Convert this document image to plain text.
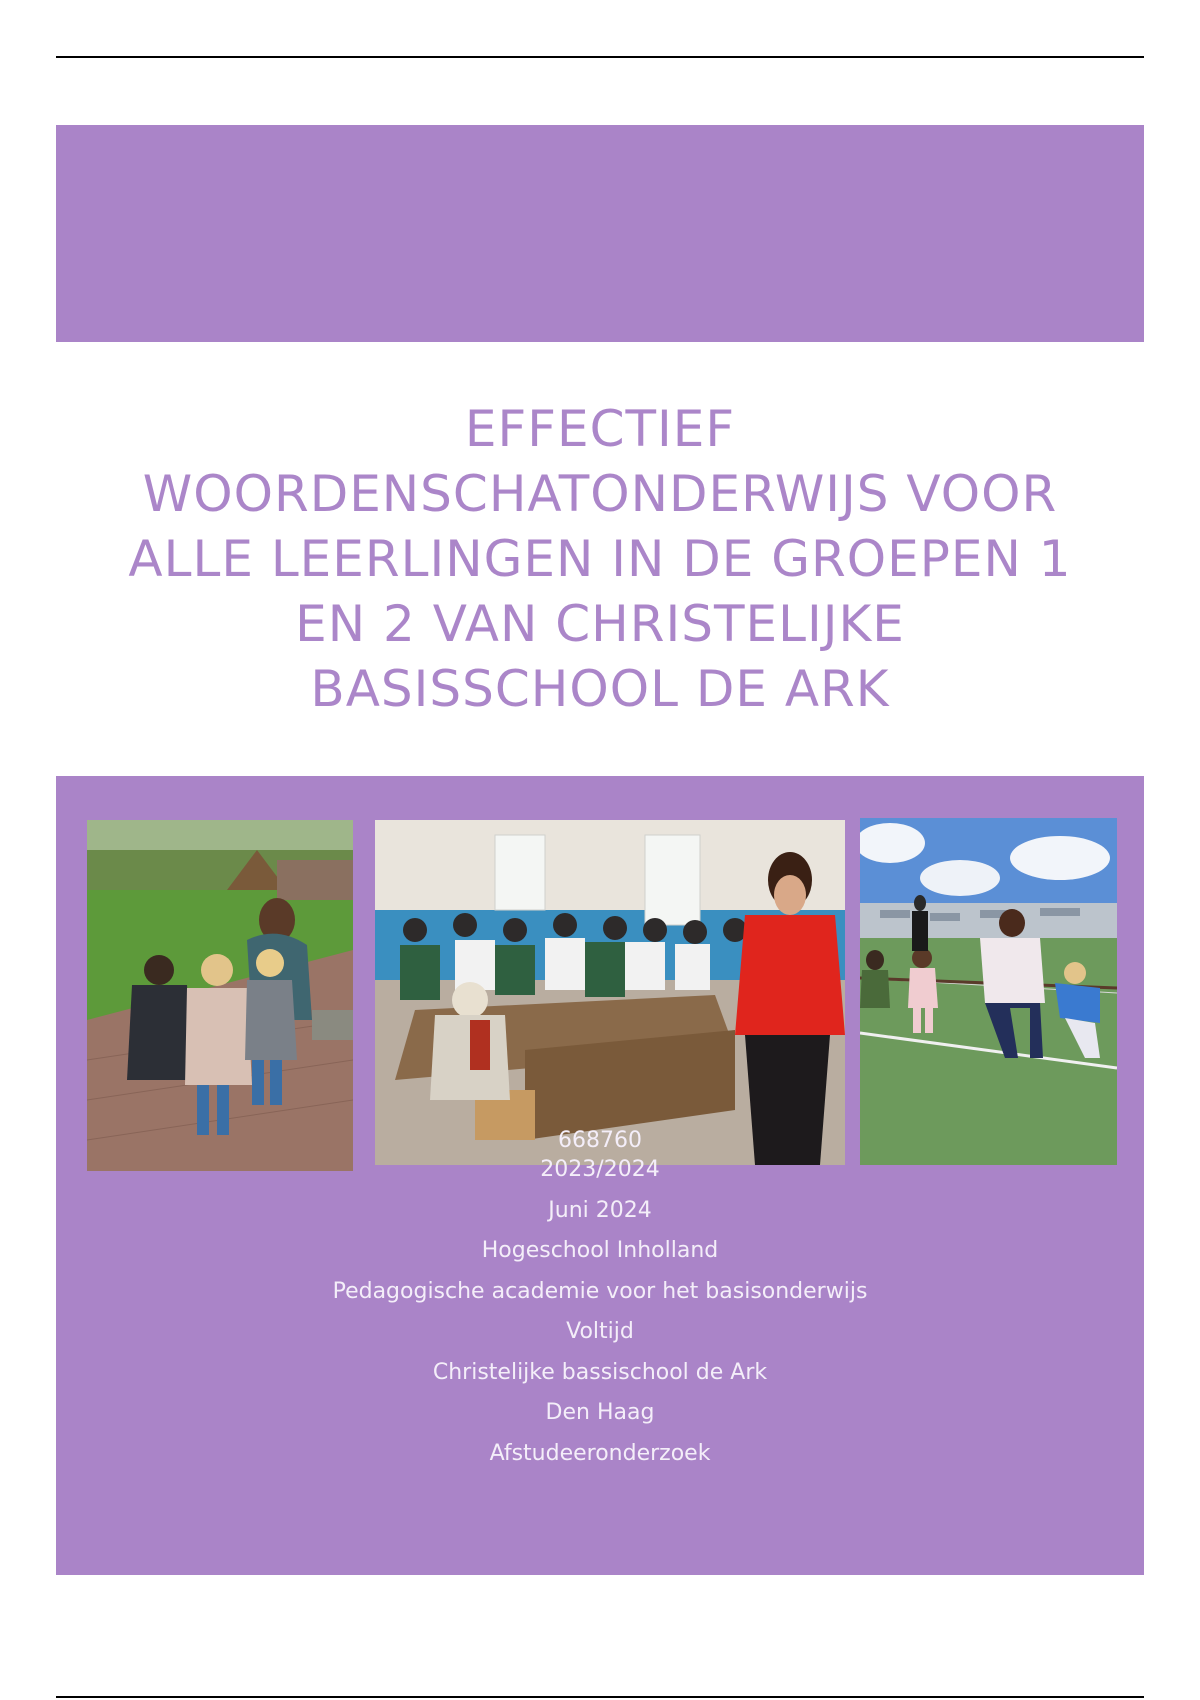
EFFECTIEF WOORDENSCHATONDERWIJS VOOR ALLE LEERLINGEN IN DE GROEPEN 1 EN 2 VAN CHRISTELIJKE BASISSCHOOL DE ARK
668760
2023/2024
Juni 2024
Hogeschool Inholland
Pedagogische academie voor het basisonderwijs
Voltijd
Christelijke bassischool de Ark
Den Haag
Afstudeeronderzoek
